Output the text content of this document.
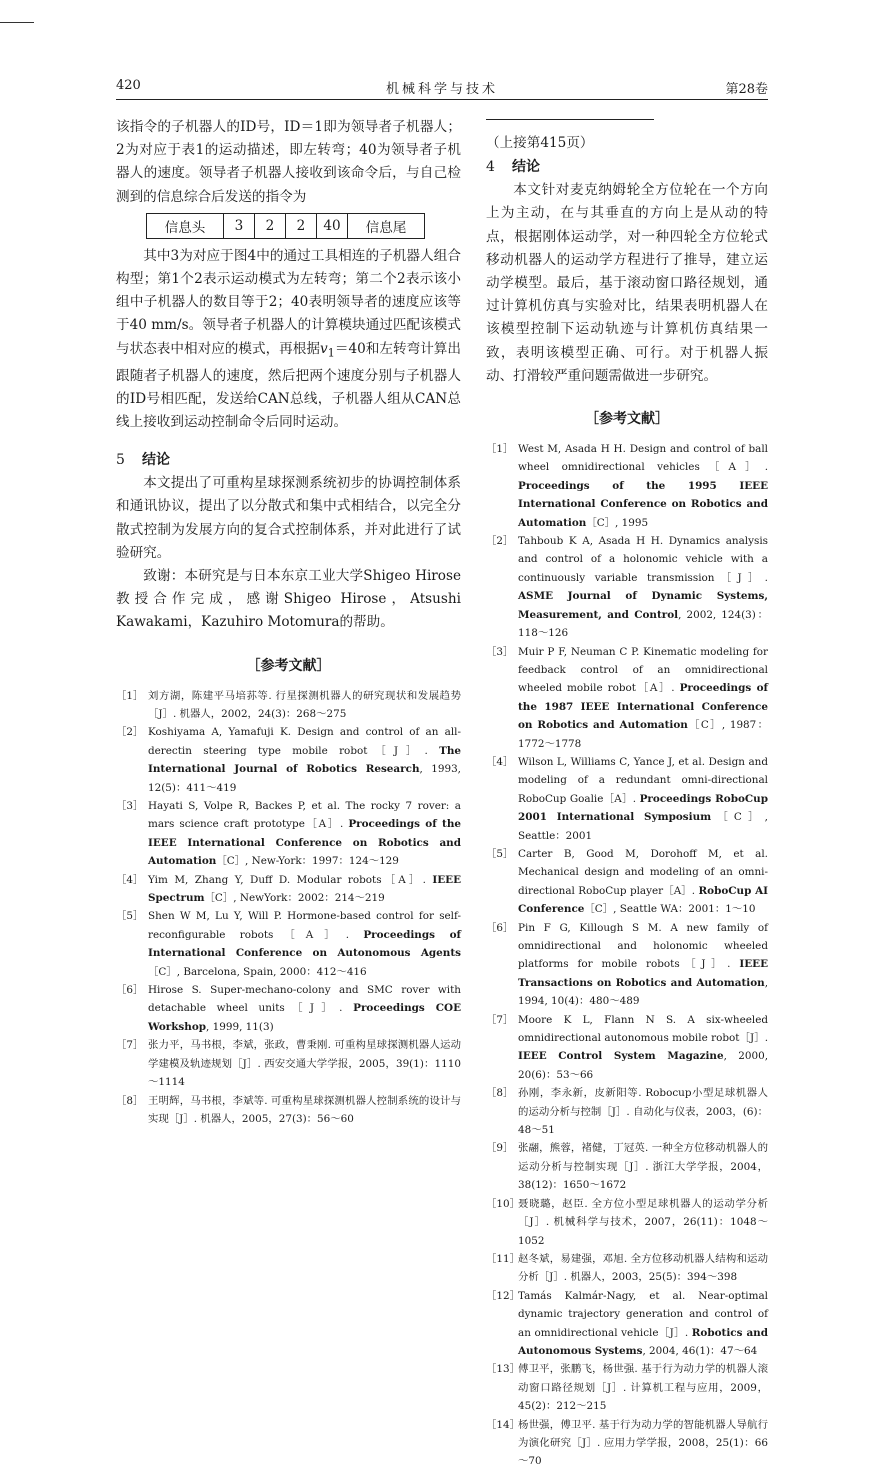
420	机械科学与技术	第28卷

该指令的子机器人的ID号，ID＝1即为领导者子机器人；2为对应于表1的运动描述，即左转弯；40为领导者子机器人的速度。领导者子机器人接收到该命令后，与自己检测到的信息综合后发送的指令为

信息头	3	2	2	40	信息尾

其中3为对应于图4中的通过工具相连的子机器人组合构型；第1个2表示运动模式为左转弯；第二个2表示该小组中子机器人的数目等于2；40表明领导者的速度应该等于40 mm/s。领导者子机器人的计算模块通过匹配该模式与状态表中相对应的模式，再根据$v_1=40$和左转弯计算出跟随者子机器人的速度，然后把两个速度分别与子机器人的ID号相匹配，发送给CAN总线，子机器人组从CAN总线上接收到运动控制命令后同时运动。

5 结论

本文提出了可重构星球探测系统初步的协调控制体系和通讯协议，提出了以分散式和集中式相结合，以完全分散式控制为发展方向的复合式控制体系，并对此进行了试验研究。

致谢：本研究是与日本东京工业大学Shigeo Hirose教授合作完成，感谢Shigeo Hirose，Atsushi Kawakami，Kazuhiro Motomura的帮助。

［参考文献］

［1］ 刘方湖，陈建平马培荪等. 行星探测机器人的研究现状和发展趋势［J］. 机器人，2002，24(3)：268～275
［2］ Koshiyama A, Yamafuji K. Design and control of an all-derectin steering type mobile robot［J］. The International Journal of Robotics Research, 1993, 12(5)：411～419
［3］ Hayati S, Volpe R, Backes P, et al. The rocky 7 rover: a mars science craft prototype［A］. Proceedings of the IEEE International Conference on Robotics and Automation［C］, New-York：1997：124～129
［4］ Yim M, Zhang Y, Duff D. Modular robots［A］. IEEE Spectrum［C］, NewYork：2002：214～219
［5］ Shen W M, Lu Y, Will P. Hormone-based control for self-reconfigurable robots［A］. Proceedings of International Conference on Autonomous Agents［C］, Barcelona, Spain, 2000：412～416
［6］ Hirose S. Super-mechano-colony and SMC rover with detachable wheel units［J］. Proceedings COE Workshop, 1999, 11(3)
［7］ 张力平，马书根，李斌，张政，曹秉刚. 可重构星球探测机器人运动学建模及轨迹规划［J］. 西安交通大学学报，2005，39(1)：1110～1114
［8］ 王明辉，马书根，李斌等. 可重构星球探测机器人控制系统的设计与实现［J］. 机器人，2005，27(3)：56～60

（上接第415页）

4 结论

本文针对麦克纳姆轮全方位轮在一个方向上为主动，在与其垂直的方向上是从动的特点，根据刚体运动学，对一种四轮全方位轮式移动机器人的运动学方程进行了推导，建立运动学模型。最后，基于滚动窗口路径规划，通过计算机仿真与实验对比，结果表明机器人在该模型控制下运动轨迹与计算机仿真结果一致，表明该模型正确、可行。对于机器人振动、打滑较严重问题需做进一步研究。

［参考文献］

［1］ West M, Asada H H. Design and control of ball wheel omnidirectional vehicles［A］. Proceedings of the 1995 IEEE International Conference on Robotics and Automation［C］, 1995
［2］ Tahboub K A, Asada H H. Dynamics analysis and control of a holonomic vehicle with a continuously variable transmission［J］. ASME Journal of Dynamic Systems, Measurement, and Control, 2002, 124(3)：118～126
［3］ Muir P F, Neuman C P. Kinematic modeling for feedback control of an omnidirectional wheeled mobile robot［A］. Proceedings of the 1987 IEEE International Conference on Robotics and Automation［C］, 1987：1772～1778
［4］ Wilson L, Williams C, Yance J, et al. Design and modeling of a redundant omni-directional RoboCup Goalie［A］. Proceedings RoboCup 2001 International Symposium［C］, Seattle：2001
［5］ Carter B, Good M, Dorohoff M, et al. Mechanical design and modeling of an omni-directional RoboCup player［A］. RoboCup AI Conference［C］, Seattle WA：2001：1～10
［6］ Pin F G, Killough S M. A new family of omnidirectional and holonomic wheeled platforms for mobile robots［J］. IEEE Transactions on Robotics and Automation, 1994, 10(4)：480～489
［7］ Moore K L, Flann N S. A six-wheeled omnidirectional autonomous mobile robot［J］. IEEE Control System Magazine, 2000, 20(6)：53～66
［8］ 孙刚，李永新，皮新阳等. Robocup小型足球机器人的运动分析与控制［J］. 自动化与仪表，2003，(6)：48～51
［9］ 张翮，熊蓉，褚健，丁冠英. 一种全方位移动机器人的运动分析与控制实现［J］. 浙江大学学报，2004，38(12)：1650～1672
［10］
聂晓璐，赵臣. 全方位小型足球机器人的运动学分析［J］. 机械科学与技术，2007，26(11)：1048～1052
［11］
赵冬斌，易建强，邓旭. 全方位移动机器人结构和运动分析［J］. 机器人，2003，25(5)：394～398
［12］
Tamás Kalmár-Nagy, et al. Near-optimal dynamic trajectory generation and control of an omnidirectional vehicle［J］. Robotics and Autonomous Systems, 2004, 46(1)：47～64
［13］
傅卫平，张鹏飞，杨世强. 基于行为动力学的机器人滚动窗口路径规划［J］. 计算机工程与应用，2009，45(2)：212～215
［14］
杨世强，傅卫平. 基于行为动力学的智能机器人导航行为演化研究［J］. 应用力学学报，2008，25(1)：66～70
